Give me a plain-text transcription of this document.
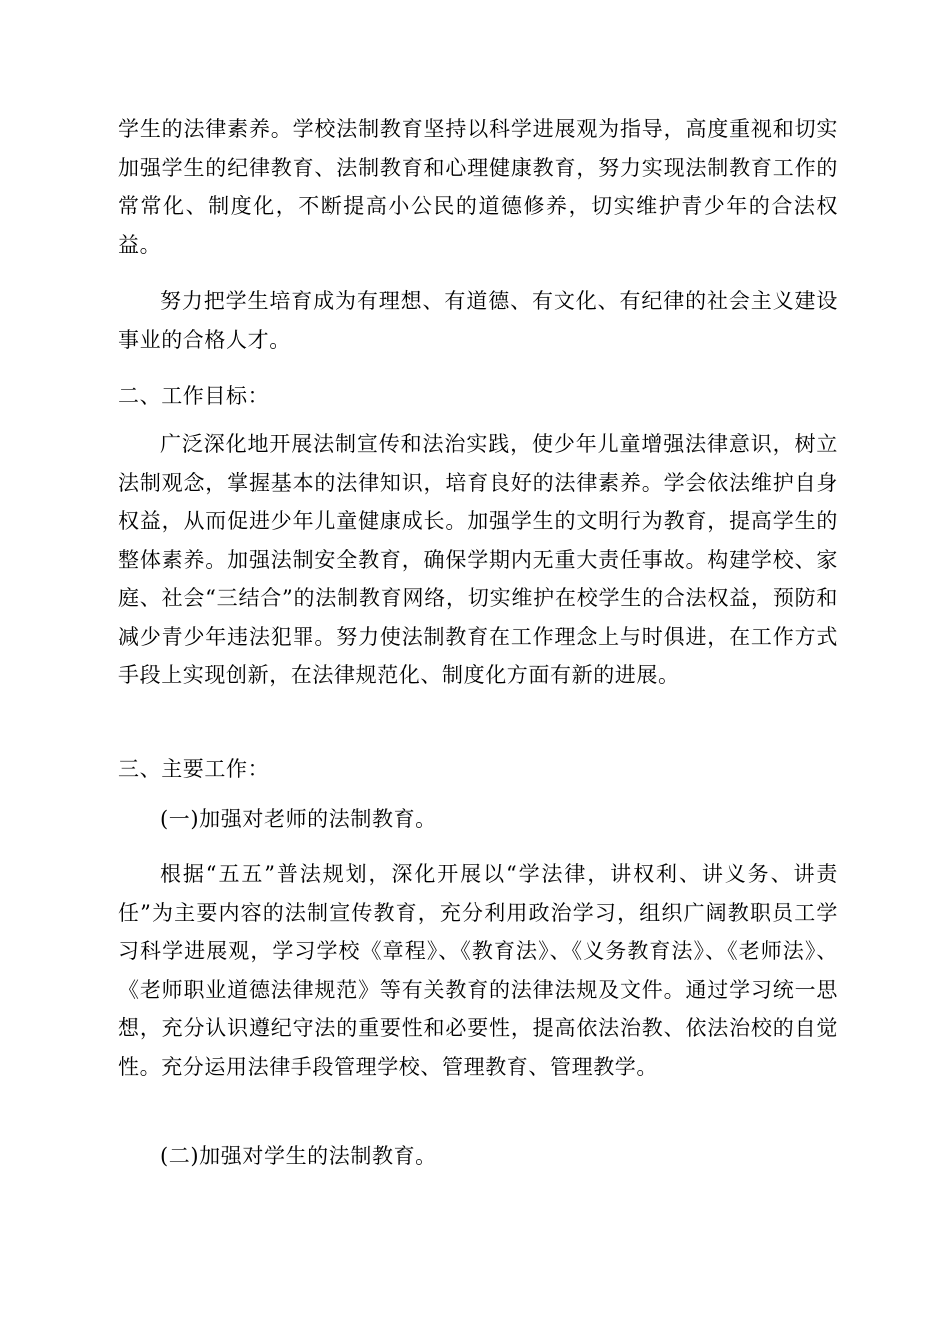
学生的法律素养。学校法制教育坚持以科学进展观为指导，高度重视和切实加强学生的纪律教育、法制教育和心理健康教育，努力实现法制教育工作的常常化、制度化，不断提高小公民的道德修养，切实维护青少年的合法权益。

努力把学生培育成为有理想、有道德、有文化、有纪律的社会主义建设事业的合格人才。

二、工作目标：

广泛深化地开展法制宣传和法治实践，使少年儿童增强法律意识，树立法制观念，掌握基本的法律知识，培育良好的法律素养。学会依法维护自身权益，从而促进少年儿童健康成长。加强学生的文明行为教育，提高学生的整体素养。加强法制安全教育，确保学期内无重大责任事故。构建学校、家庭、社会“三结合”的法制教育网络，切实维护在校学生的合法权益，预防和减少青少年违法犯罪。努力使法制教育在工作理念上与时俱进，在工作方式手段上实现创新，在法律规范化、制度化方面有新的进展。

三、主要工作：

(一)加强对老师的法制教育。

根据“五五”普法规划，深化开展以“学法律，讲权利、讲义务、讲责任”为主要内容的法制宣传教育，充分利用政治学习，组织广阔教职员工学习科学进展观，学习学校《章程》、《教育法》、《义务教育法》、《老师法》、《老师职业道德法律规范》等有关教育的法律法规及文件。通过学习统一思想，充分认识遵纪守法的重要性和必要性，提高依法治教、依法治校的自觉性。充分运用法律手段管理学校、管理教育、管理教学。

(二)加强对学生的法制教育。
